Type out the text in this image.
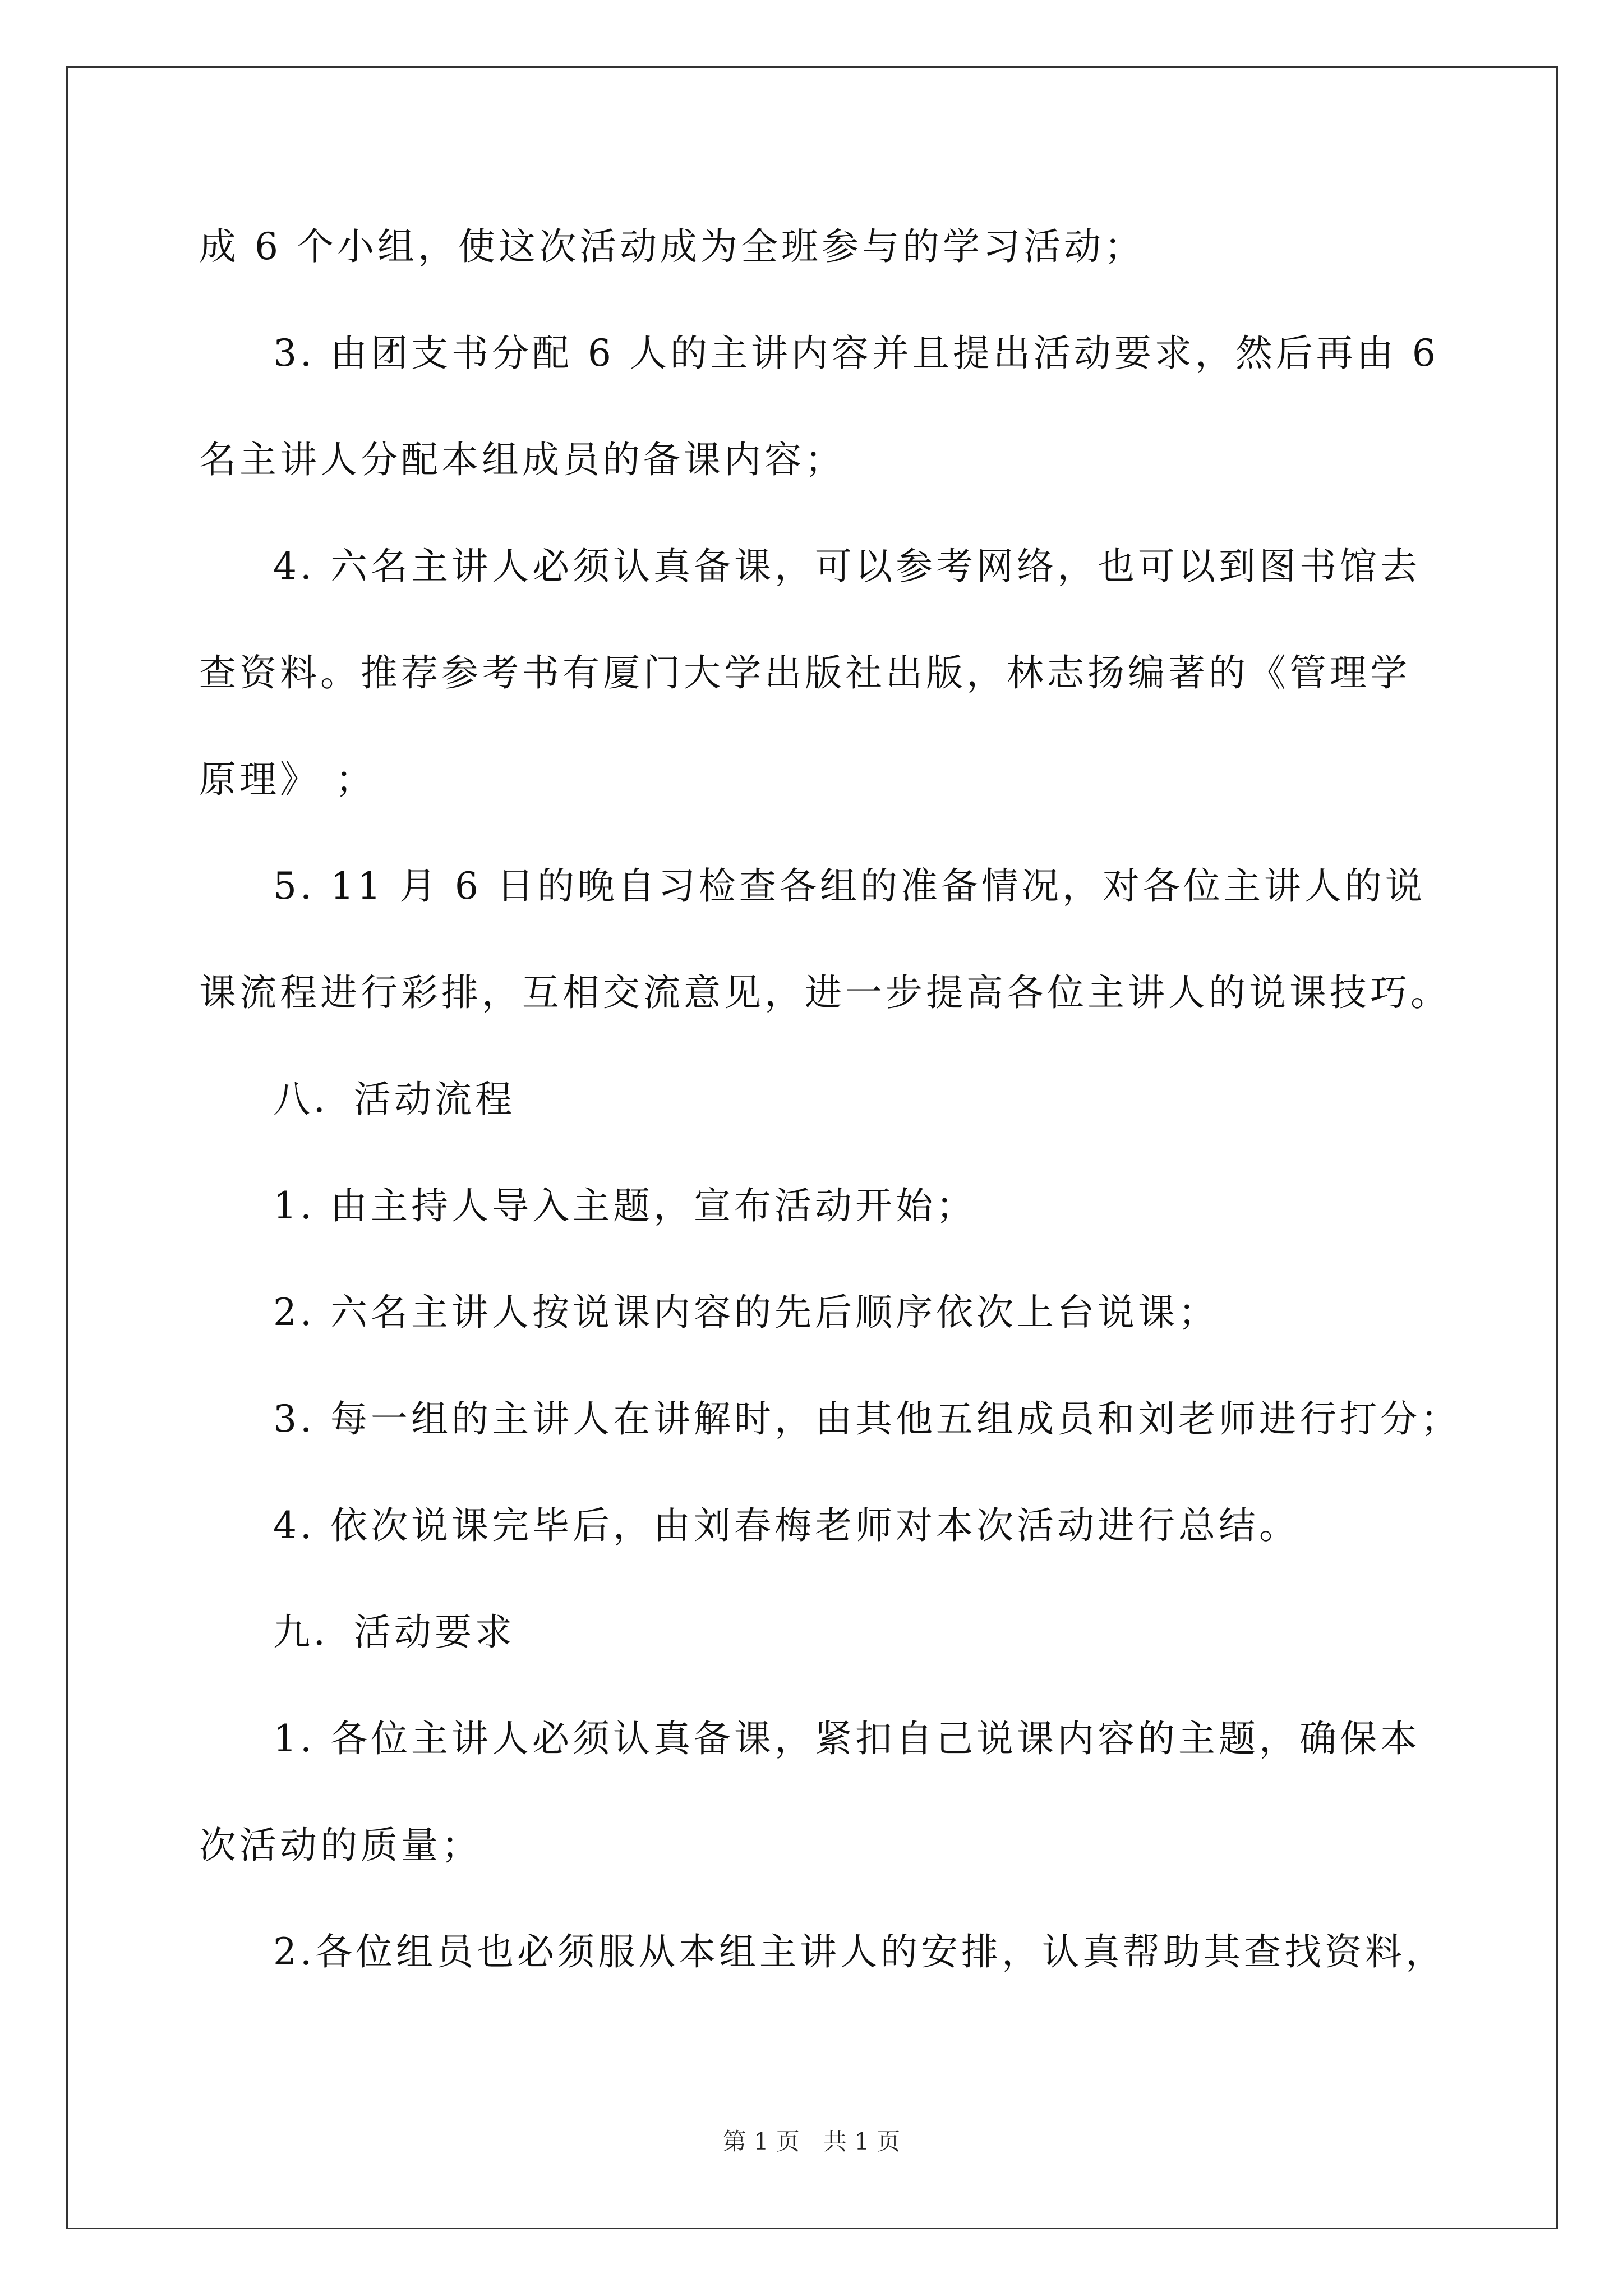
成 6 个小组，使这次活动成为全班参与的学习活动；
3. 由团支书分配 6 人的主讲内容并且提出活动要求，然后再由 6
名主讲人分配本组成员的备课内容；
4. 六名主讲人必须认真备课，可以参考网络，也可以到图书馆去
查资料。推荐参考书有厦门大学出版社出版，林志扬编著的《管理学
原理》 ；
5. 11 月 6 日的晚自习检查各组的准备情况，对各位主讲人的说
课流程进行彩排，互相交流意见，进一步提高各位主讲人的说课技巧。
八．活动流程
1. 由主持人导入主题，宣布活动开始；
2. 六名主讲人按说课内容的先后顺序依次上台说课；
3. 每一组的主讲人在讲解时，由其他五组成员和刘老师进行打分；
4. 依次说课完毕后，由刘春梅老师对本次活动进行总结。
九．活动要求
1. 各位主讲人必须认真备课，紧扣自己说课内容的主题，确保本
次活动的质量；
2.各位组员也必须服从本组主讲人的安排，认真帮助其查找资料，
第 1 页　共 1 页
